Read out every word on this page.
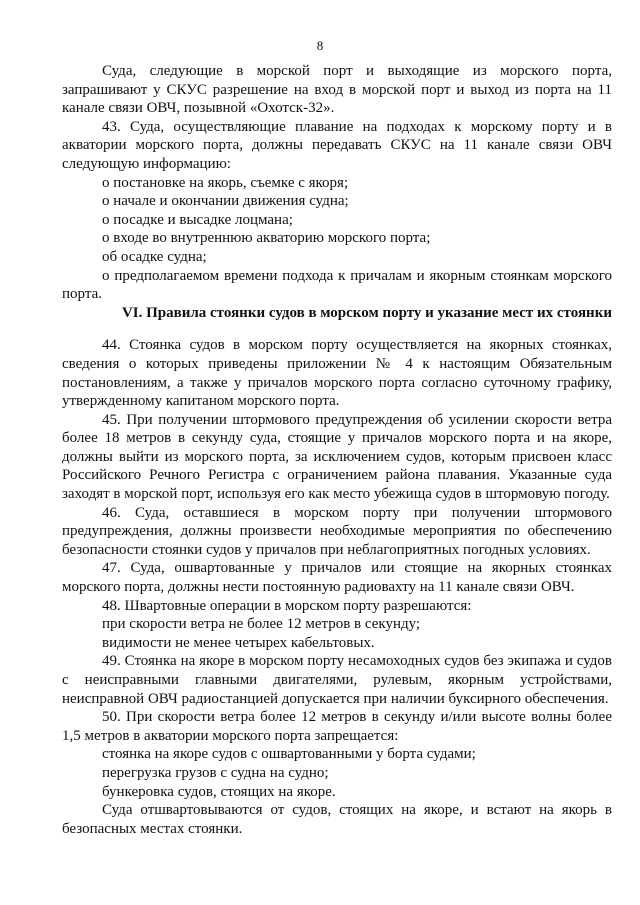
8

Суда, следующие в морской порт и выходящие из морского порта, запрашивают у СКУС разрешение на вход в морской порт и выход из порта на 11 канале связи ОВЧ, позывной «Охотск-32».

43. Суда, осуществляющие плавание на подходах к морскому порту и в акватории морского порта, должны передавать СКУС на 11 канале связи ОВЧ следующую информацию:

о постановке на якорь, съемке с якоря;

о начале и окончании движения судна;

о посадке и высадке лоцмана;

о входе во внутреннюю акваторию морского порта;

об осадке судна;

о предполагаемом времени подхода к причалам и якорным стоянкам морского порта.

VI. Правила стоянки судов в морском порту и указание мест их стоянки

44. Стоянка судов в морском порту осуществляется на якорных стоянках, сведения о которых приведены приложении № 4 к настоящим Обязательным постановлениям, а также у причалов морского порта согласно суточному графику, утвержденному капитаном морского порта.

45. При получении штормового предупреждения об усилении скорости ветра более 18 метров в секунду суда, стоящие у причалов морского порта и на якоре, должны выйти из морского порта, за исключением судов, которым присвоен класс Российского Речного Регистра с ограничением района плавания. Указанные суда заходят в морской порт, используя его как место убежища судов в штормовую погоду.

46. Суда, оставшиеся в морском порту при получении штормового предупреждения, должны произвести необходимые мероприятия по обеспечению безопасности стоянки судов у причалов при неблагоприятных погодных условиях.

47. Суда, ошвартованные у причалов или стоящие на якорных стоянках морского порта, должны нести постоянную радиовахту на 11 канале связи ОВЧ.

48. Швартовные операции в морском порту разрешаются:

при скорости ветра не более 12 метров в секунду;

видимости не менее четырех кабельтовых.

49. Стоянка на якоре в морском порту несамоходных судов без экипажа и судов с неисправными главными двигателями, рулевым, якорным устройствами, неисправной ОВЧ радиостанцией допускается при наличии буксирного обеспечения.

50. При скорости ветра более 12 метров в секунду и/или высоте волны более 1,5 метров в акватории морского порта запрещается:

стоянка на якоре судов с ошвартованными у борта судами;

перегрузка грузов с судна на судно;

бункеровка судов, стоящих на якоре.

Суда отшвартовываются от судов, стоящих на якоре, и встают на якорь в безопасных местах стоянки.
